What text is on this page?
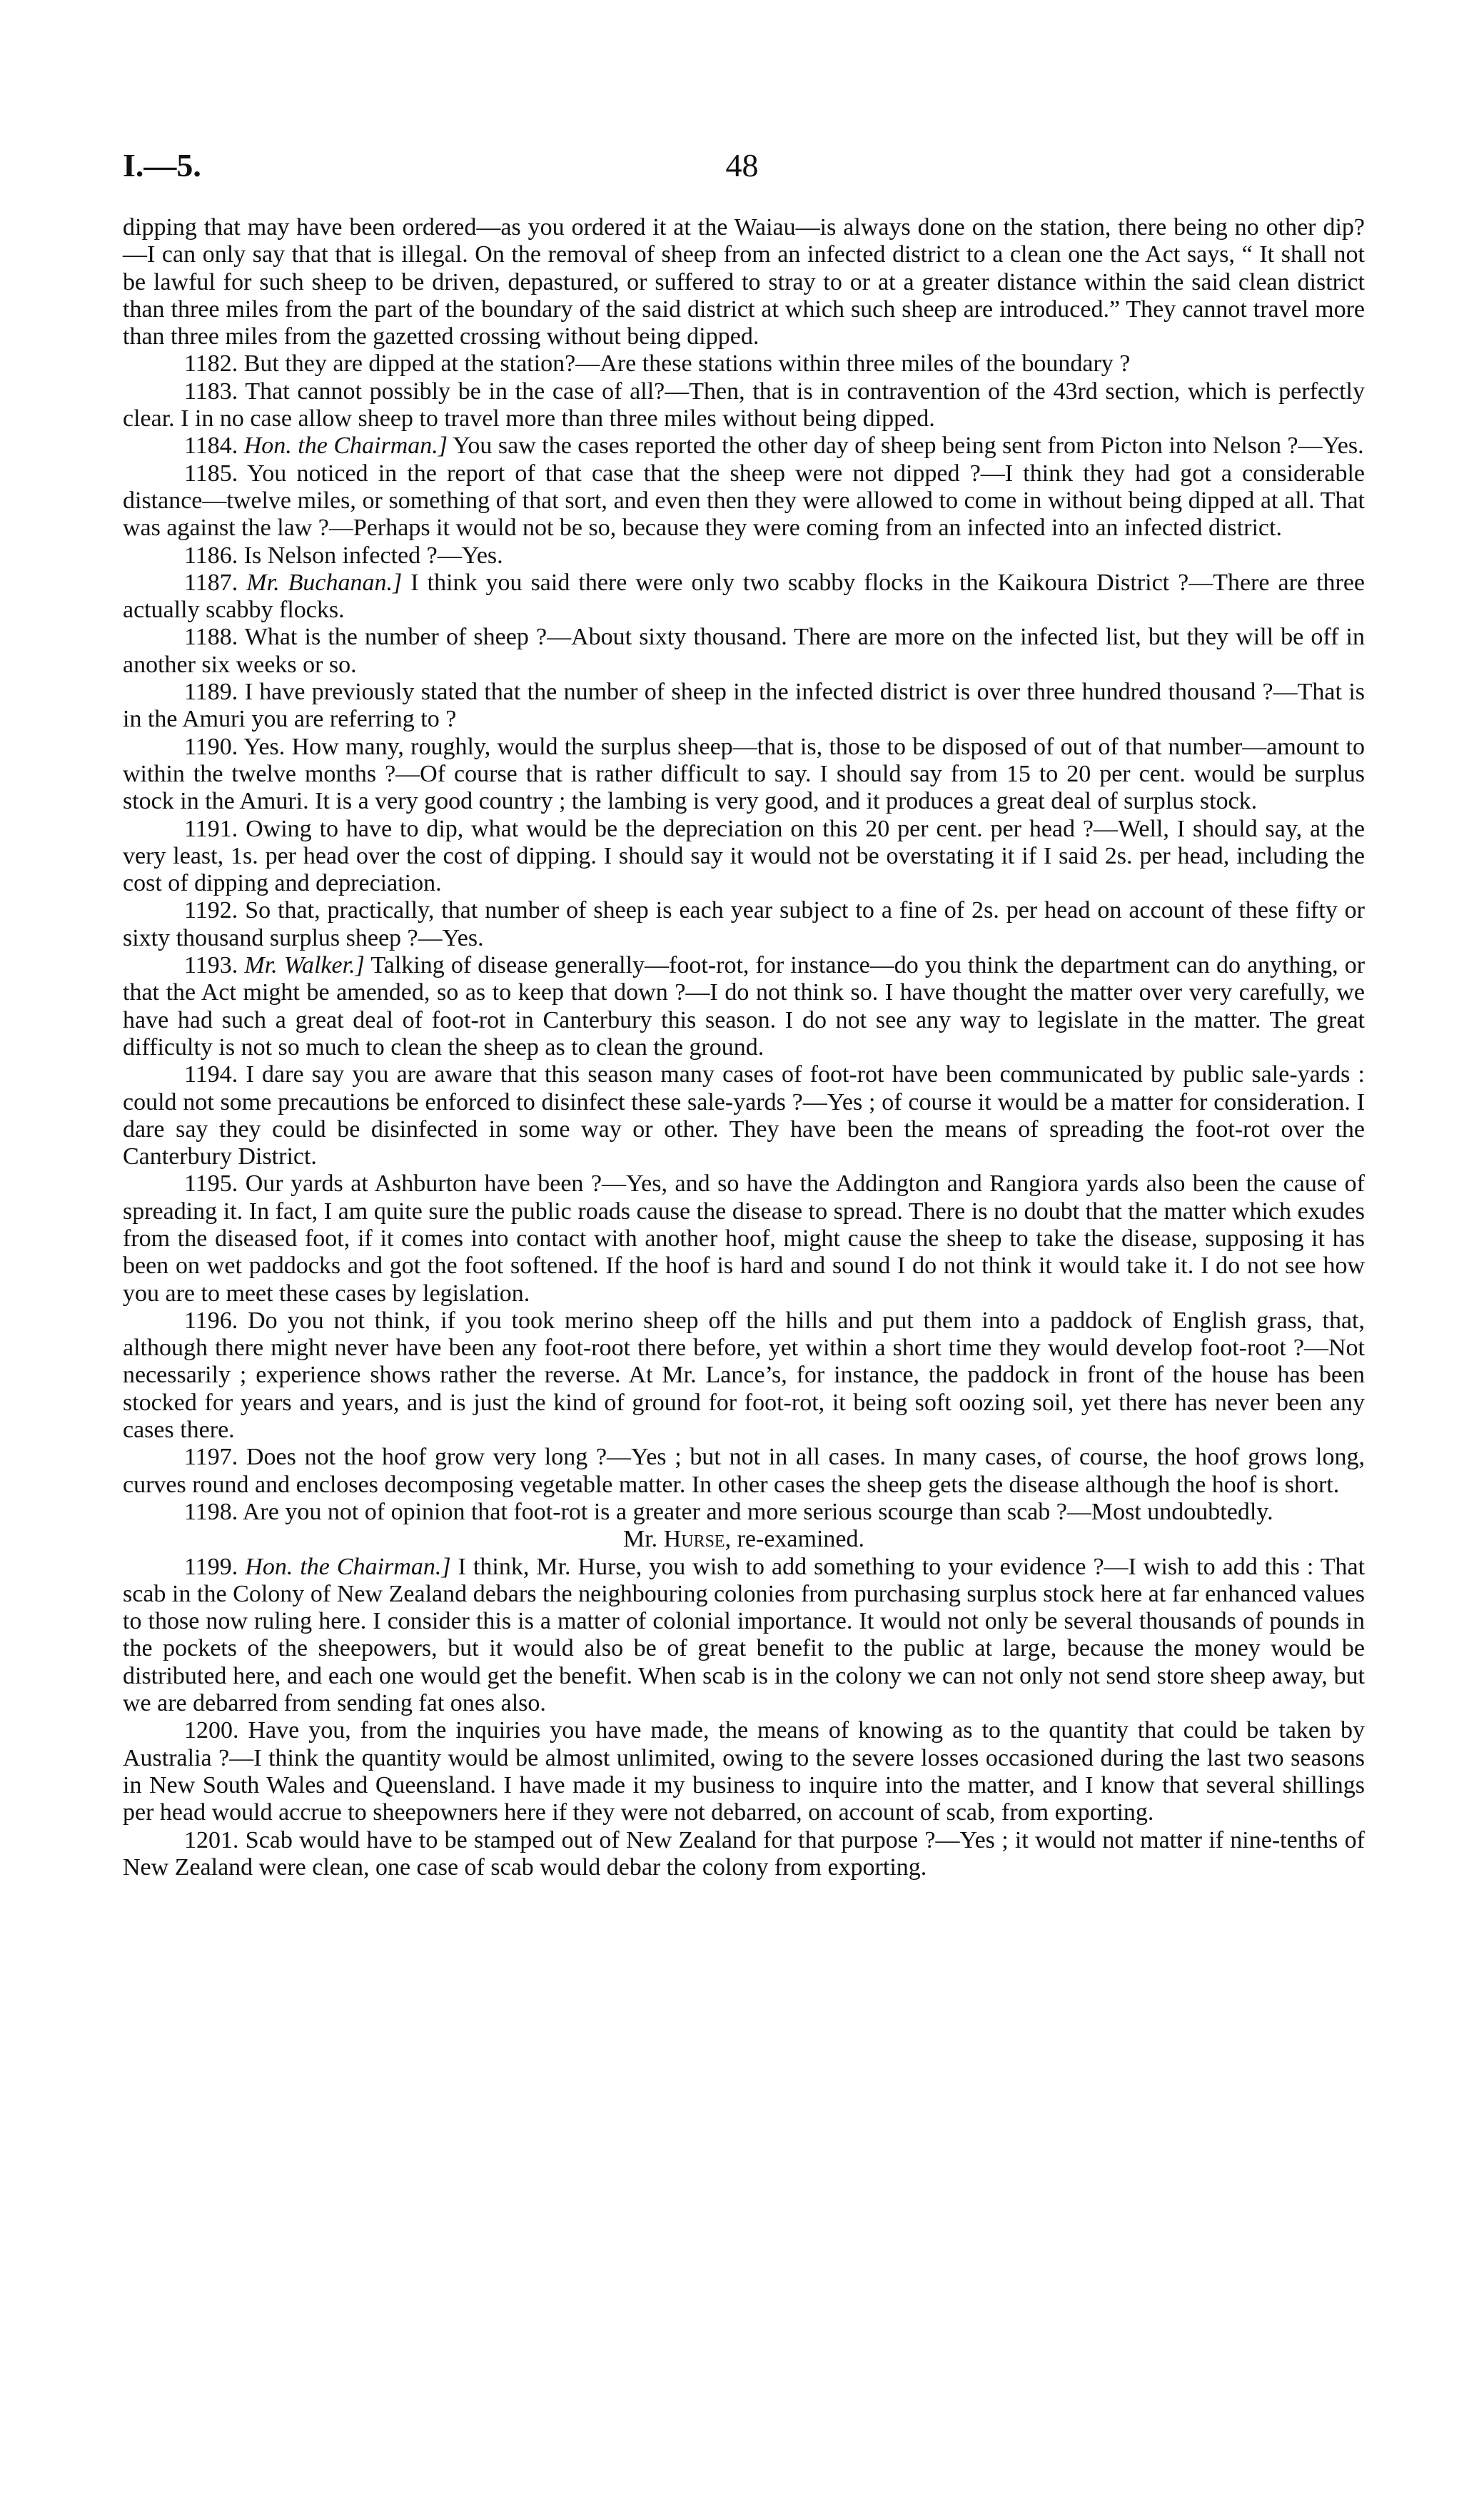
I.—5.	48

dipping that may have been ordered—as you ordered it at the Waiau—is always done on the station, there being no other dip?—I can only say that that is illegal. On the removal of sheep from an infected district to a clean one the Act says, “ It shall not be lawful for such sheep to be driven, depastured, or suffered to stray to or at a greater distance within the said clean district than three miles from the part of the boundary of the said district at which such sheep are introduced.” They cannot travel more than three miles from the gazetted crossing without being dipped.

1182. But they are dipped at the station?—Are these stations within three miles of the boundary ?

1183. That cannot possibly be in the case of all?—Then, that is in contravention of the 43rd section, which is perfectly clear. I in no case allow sheep to travel more than three miles without being dipped.

1184. Hon. the Chairman.] You saw the cases reported the other day of sheep being sent from Picton into Nelson ?—Yes.

1185. You noticed in the report of that case that the sheep were not dipped ?—I think they had got a considerable distance—twelve miles, or something of that sort, and even then they were allowed to come in without being dipped at all. That was against the law ?—Perhaps it would not be so, because they were coming from an infected into an infected district.

1186. Is Nelson infected ?—Yes.

1187. Mr. Buchanan.] I think you said there were only two scabby flocks in the Kaikoura District ?—There are three actually scabby flocks.

1188. What is the number of sheep ?—About sixty thousand. There are more on the infected list, but they will be off in another six weeks or so.

1189. I have previously stated that the number of sheep in the infected district is over three hundred thousand ?—That is in the Amuri you are referring to ?

1190. Yes. How many, roughly, would the surplus sheep—that is, those to be disposed of out of that number—amount to within the twelve months ?—Of course that is rather difficult to say. I should say from 15 to 20 per cent. would be surplus stock in the Amuri. It is a very good country ; the lambing is very good, and it produces a great deal of surplus stock.

1191. Owing to have to dip, what would be the depreciation on this 20 per cent. per head ?—Well, I should say, at the very least, 1s. per head over the cost of dipping. I should say it would not be overstating it if I said 2s. per head, including the cost of dipping and depreciation.

1192. So that, practically, that number of sheep is each year subject to a fine of 2s. per head on account of these fifty or sixty thousand surplus sheep ?—Yes.

1193. Mr. Walker.] Talking of disease generally—foot-rot, for instance—do you think the department can do anything, or that the Act might be amended, so as to keep that down ?—I do not think so. I have thought the matter over very carefully, we have had such a great deal of foot-rot in Canterbury this season. I do not see any way to legislate in the matter. The great difficulty is not so much to clean the sheep as to clean the ground.

1194. I dare say you are aware that this season many cases of foot-rot have been communicated by public sale-yards : could not some precautions be enforced to disinfect these sale-yards ?—Yes ; of course it would be a matter for consideration. I dare say they could be disinfected in some way or other. They have been the means of spreading the foot-rot over the Canterbury District.

1195. Our yards at Ashburton have been ?—Yes, and so have the Addington and Rangiora yards also been the cause of spreading it. In fact, I am quite sure the public roads cause the disease to spread. There is no doubt that the matter which exudes from the diseased foot, if it comes into contact with another hoof, might cause the sheep to take the disease, supposing it has been on wet paddocks and got the foot softened. If the hoof is hard and sound I do not think it would take it. I do not see how you are to meet these cases by legislation.

1196. Do you not think, if you took merino sheep off the hills and put them into a paddock of English grass, that, although there might never have been any foot-root there before, yet within a short time they would develop foot-root ?—Not necessarily ; experience shows rather the reverse. At Mr. Lance’s, for instance, the paddock in front of the house has been stocked for years and years, and is just the kind of ground for foot-rot, it being soft oozing soil, yet there has never been any cases there.

1197. Does not the hoof grow very long ?—Yes ; but not in all cases. In many cases, of course, the hoof grows long, curves round and encloses decomposing vegetable matter. In other cases the sheep gets the disease although the hoof is short.

1198. Are you not of opinion that foot-rot is a greater and more serious scourge than scab ?—Most undoubtedly.

Mr. Hurse, re-examined.

1199. Hon. the Chairman.] I think, Mr. Hurse, you wish to add something to your evidence ?—I wish to add this : That scab in the Colony of New Zealand debars the neighbouring colonies from purchasing surplus stock here at far enhanced values to those now ruling here. I consider this is a matter of colonial importance. It would not only be several thousands of pounds in the pockets of the sheepowers, but it would also be of great benefit to the public at large, because the money would be distributed here, and each one would get the benefit. When scab is in the colony we can not only not send store sheep away, but we are debarred from sending fat ones also.

1200. Have you, from the inquiries you have made, the means of knowing as to the quantity that could be taken by Australia ?—I think the quantity would be almost unlimited, owing to the severe losses occasioned during the last two seasons in New South Wales and Queensland. I have made it my business to inquire into the matter, and I know that several shillings per head would accrue to sheepowners here if they were not debarred, on account of scab, from exporting.

1201. Scab would have to be stamped out of New Zealand for that purpose ?—Yes ; it would not matter if nine-tenths of New Zealand were clean, one case of scab would debar the colony from exporting.
